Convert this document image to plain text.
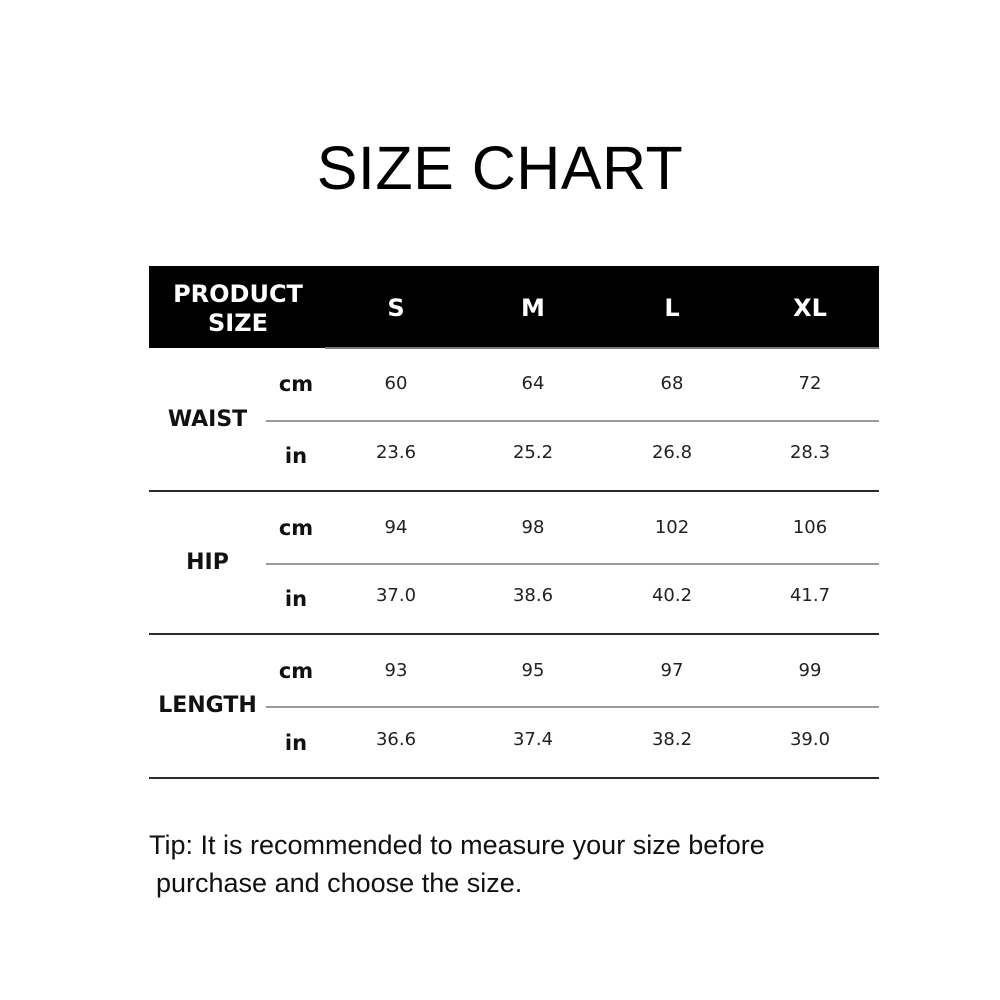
SIZE CHART
PRODUCT
SIZE
S	M	L	XL
WAIST
cm	60	64	68	72
in	23.6	25.2	26.8	28.3
HIP
cm	94	98	102	106
in	37.0	38.6	40.2	41.7
LENGTH
cm	93	95	97	99
in	36.6	37.4	38.2	39.0
Tip: It is recommended to measure your size before
purchase and choose the size.
